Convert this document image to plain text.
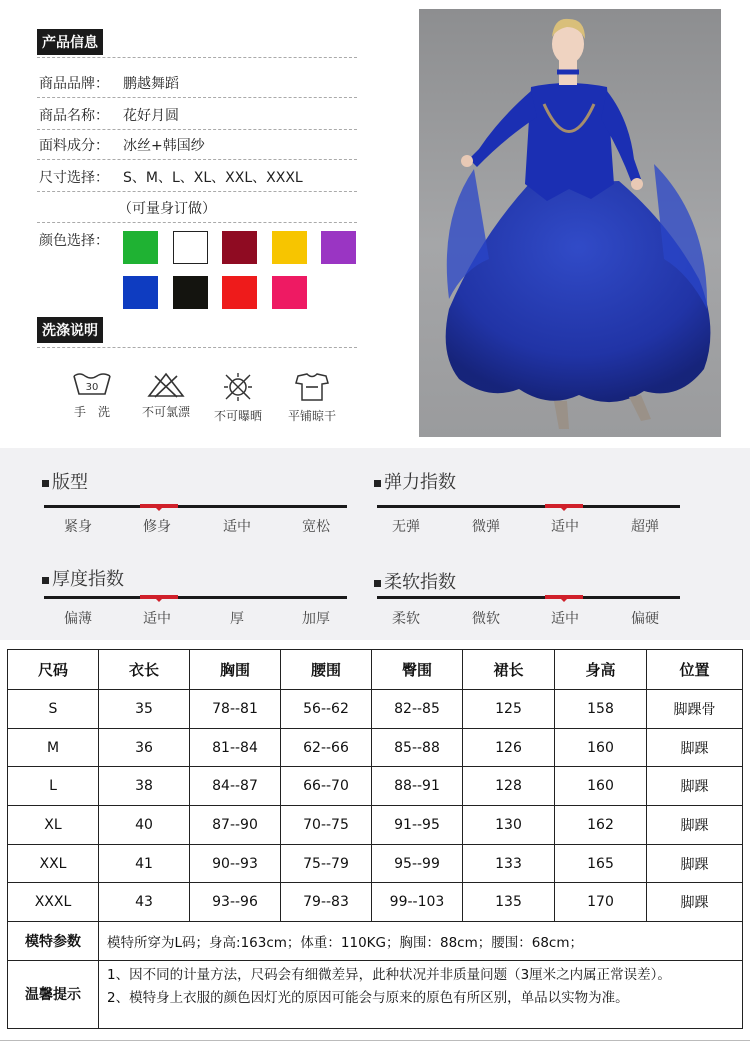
产品信息
商品品牌： 鹏越舞蹈
商品名称： 花好月圆
面料成分： 冰丝+韩国纱
尺寸选择： S、M、L、XL、XXL、XXXL
（可量身订做）
颜色选择：
洗涤说明
30
手　洗	不可氯漂	不可曝晒	平铺晾干
版型
紧身	修身	适中	宽松
弹力指数
无弹	微弹	适中	超弹
厚度指数
偏薄	适中	厚	加厚
柔软指数
柔软	微软	适中	偏硬
尺码	衣长	胸围	腰围	臀围	裙长	身高	位置
S	35	78--81	56--62	82--85	125	158	脚踝骨
M	36	81--84	62--66	85--88	126	160	脚踝
L	38	84--87	66--70	88--91	128	160	脚踝
XL	40	87--90	70--75	91--95	130	162	脚踝
XXL	41	90--93	75--79	95--99	133	165	脚踝
XXXL	43	93--96	79--83	99--103	135	170	脚踝
模特参数	模特所穿为L码；身高:163cm；体重：110KG；胸围：88cm；腰围：68cm；						
温馨提示	1、因不同的计量方法，尺码会有细微差异，此种状况并非质量问题（3厘米之内属正常误差）。
2、模特身上衣服的颜色因灯光的原因可能会与原来的原色有所区别，单品以实物为准。						
